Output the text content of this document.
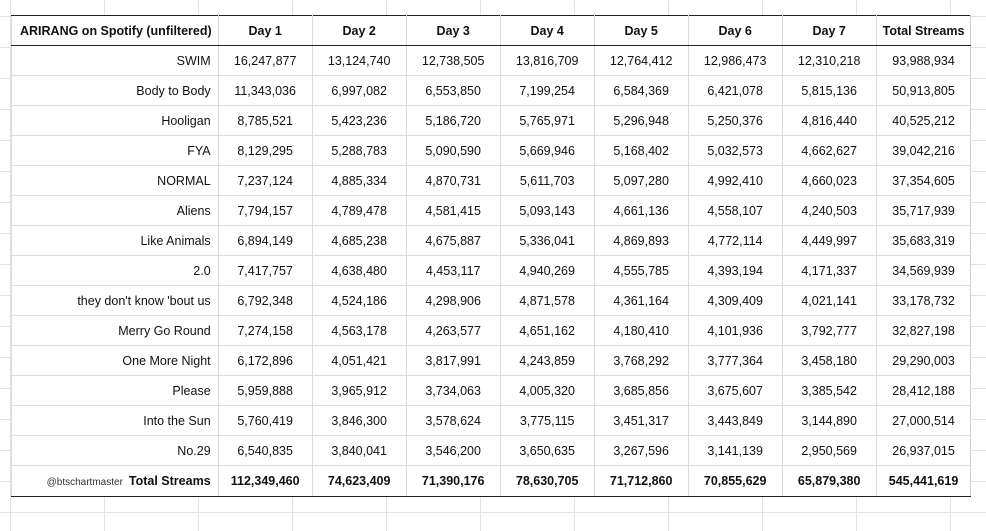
ARIRANG on Spotify (unfiltered)	Day 1	Day 2	Day 3	Day 4	Day 5	Day 6	Day 7	Total Streams
SWIM	16,247,877	13,124,740	12,738,505	13,816,709	12,764,412	12,986,473	12,310,218	93,988,934
Body to Body	11,343,036	6,997,082	6,553,850	7,199,254	6,584,369	6,421,078	5,815,136	50,913,805
Hooligan	8,785,521	5,423,236	5,186,720	5,765,971	5,296,948	5,250,376	4,816,440	40,525,212
FYA	8,129,295	5,288,783	5,090,590	5,669,946	5,168,402	5,032,573	4,662,627	39,042,216
NORMAL	7,237,124	4,885,334	4,870,731	5,611,703	5,097,280	4,992,410	4,660,023	37,354,605
Aliens	7,794,157	4,789,478	4,581,415	5,093,143	4,661,136	4,558,107	4,240,503	35,717,939
Like Animals	6,894,149	4,685,238	4,675,887	5,336,041	4,869,893	4,772,114	4,449,997	35,683,319
2.0	7,417,757	4,638,480	4,453,117	4,940,269	4,555,785	4,393,194	4,171,337	34,569,939
they don't know 'bout us	6,792,348	4,524,186	4,298,906	4,871,578	4,361,164	4,309,409	4,021,141	33,178,732
Merry Go Round	7,274,158	4,563,178	4,263,577	4,651,162	4,180,410	4,101,936	3,792,777	32,827,198
One More Night	6,172,896	4,051,421	3,817,991	4,243,859	3,768,292	3,777,364	3,458,180	29,290,003
Please	5,959,888	3,965,912	3,734,063	4,005,320	3,685,856	3,675,607	3,385,542	28,412,188
Into the Sun	5,760,419	3,846,300	3,578,624	3,775,115	3,451,317	3,443,849	3,144,890	27,000,514
No.29	6,540,835	3,840,041	3,546,200	3,650,635	3,267,596	3,141,139	2,950,569	26,937,015
@btschartmaster Total Streams	112,349,460	74,623,409	71,390,176	78,630,705	71,712,860	70,855,629	65,879,380	545,441,619
